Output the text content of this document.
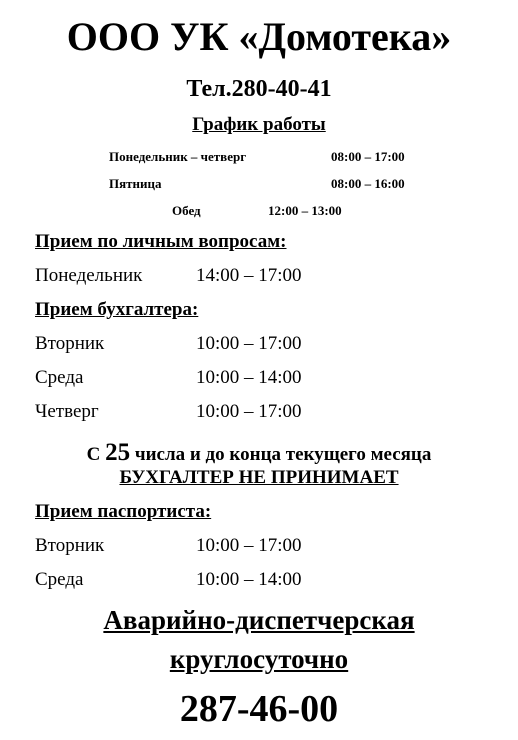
ООО УК «Домотека»
Тел.280-40-41
График работы
Понедельник – четверг	08:00 – 17:00
Пятница	08:00 – 16:00
Обед	12:00 – 13:00
Прием по личным вопросам:
Понедельник	14:00 – 17:00
Прием бухгалтера:
Вторник	10:00 – 17:00
Среда	10:00 – 14:00
Четверг	10:00 – 17:00
С 25 числа и до конца текущего месяца
БУХГАЛТЕР НЕ ПРИНИМАЕТ
Прием паспортиста:
Вторник	10:00 – 17:00
Среда	10:00 – 14:00
Аварийно-диспетчерская
круглосуточно
287-46-00
